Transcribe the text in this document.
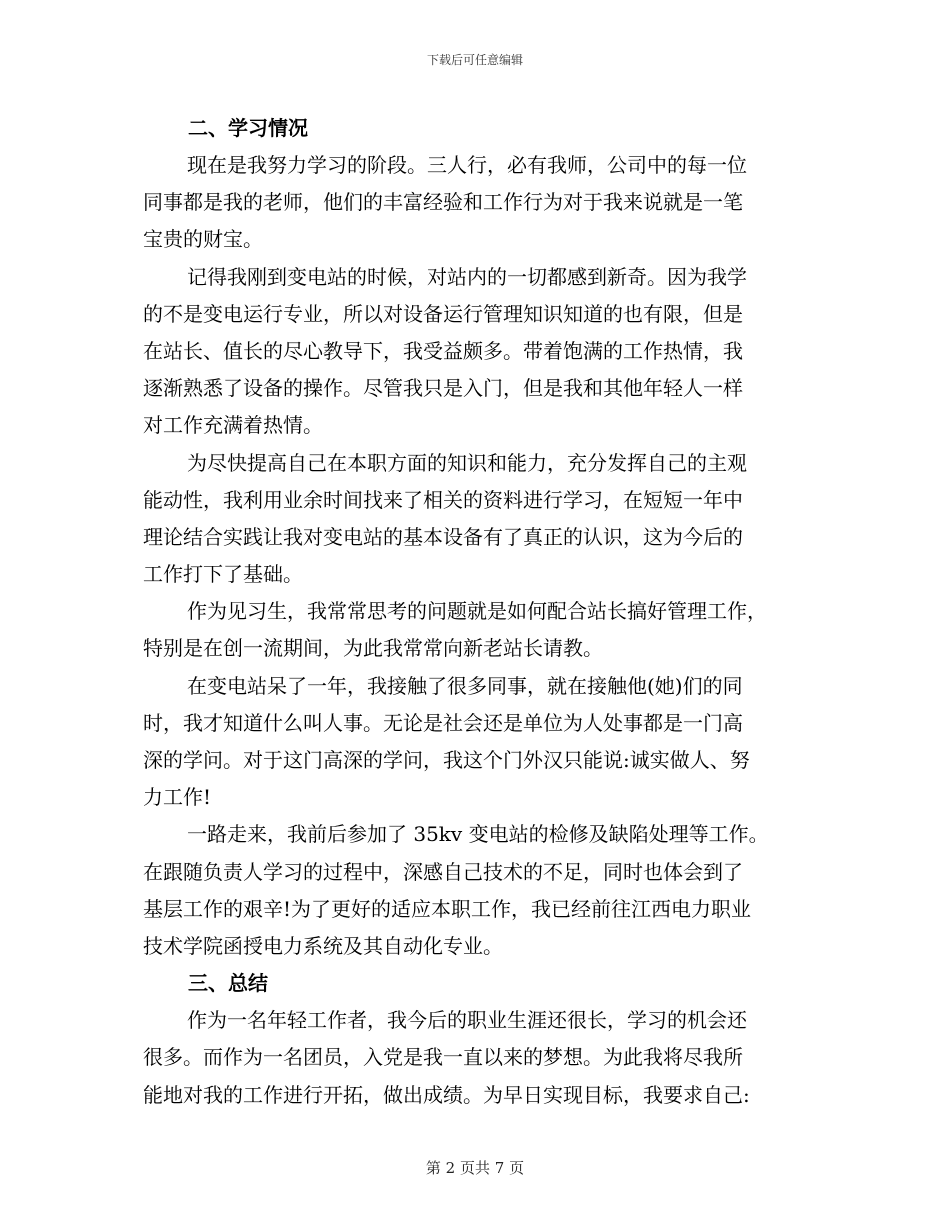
下载后可任意编辑
二、学习情况
现在是我努力学习的阶段。三人行，必有我师，公司中的每一位
同事都是我的老师，他们的丰富经验和工作行为对于我来说就是一笔
宝贵的财宝。
记得我刚到变电站的时候，对站内的一切都感到新奇。因为我学
的不是变电运行专业，所以对设备运行管理知识知道的也有限，但是
在站长、值长的尽心教导下，我受益颇多。带着饱满的工作热情，我
逐渐熟悉了设备的操作。尽管我只是入门，但是我和其他年轻人一样
对工作充满着热情。
为尽快提高自己在本职方面的知识和能力，充分发挥自己的主观
能动性，我利用业余时间找来了相关的资料进行学习，在短短一年中
理论结合实践让我对变电站的基本设备有了真正的认识，这为今后的
工作打下了基础。
作为见习生，我常常思考的问题就是如何配合站长搞好管理工作，
特别是在创一流期间，为此我常常向新老站长请教。
在变电站呆了一年，我接触了很多同事，就在接触他(她)们的同
时，我才知道什么叫人事。无论是社会还是单位为人处事都是一门高
深的学问。对于这门高深的学问，我这个门外汉只能说:诚实做人、努
力工作!
一路走来，我前后参加了 35kv 变电站的检修及缺陷处理等工作。
在跟随负责人学习的过程中，深感自己技术的不足，同时也体会到了
基层工作的艰辛!为了更好的适应本职工作，我已经前往江西电力职业
技术学院函授电力系统及其自动化专业。
三、总结
作为一名年轻工作者，我今后的职业生涯还很长，学习的机会还
很多。而作为一名团员，入党是我一直以来的梦想。为此我将尽我所
能地对我的工作进行开拓，做出成绩。为早日实现目标，我要求自己:
第 2 页共 7 页
